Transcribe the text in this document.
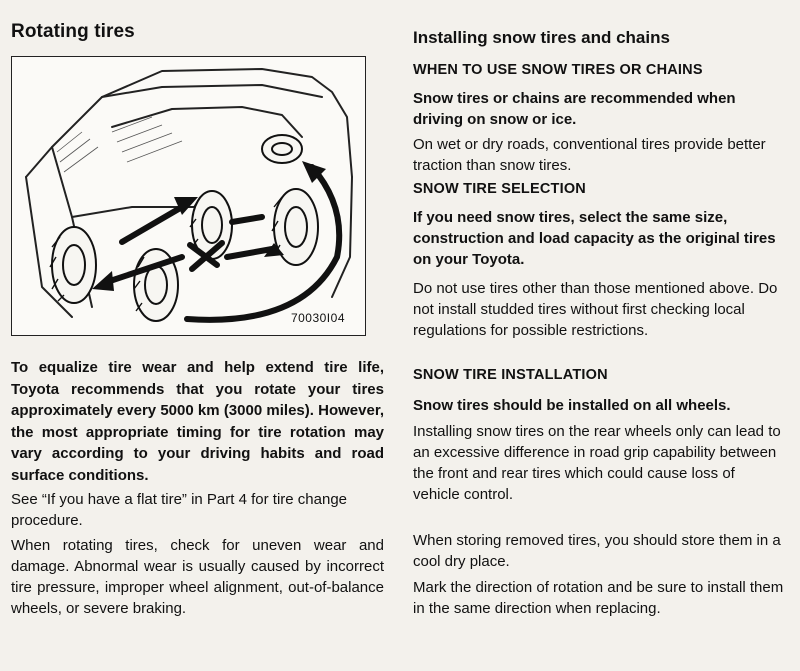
Rotating tires
70030I04

To equalize tire wear and help extend tire life, Toyota recommends that you rotate your tires approximately every 5000 km (3000 miles). However, the most appropriate timing for tire rotation may vary according to your driving habits and road surface conditions.

See “If you have a flat tire” in Part 4 for tire change procedure.

When rotating tires, check for uneven wear and damage. Abnormal wear is usually caused by incorrect tire pressure, improper wheel alignment, out-of-balance wheels, or severe braking.

Installing snow tires and chains
WHEN TO USE SNOW TIRES OR CHAINS

Snow tires or chains are recommended when driving on snow or ice.

On wet or dry roads, conventional tires provide better traction than snow tires.

SNOW TIRE SELECTION

If you need snow tires, select the same size, construction and load capacity as the original tires on your Toyota.

Do not use tires other than those mentioned above. Do not install studded tires without first checking local regulations for possible restrictions.

SNOW TIRE INSTALLATION

Snow tires should be installed on all wheels.

Installing snow tires on the rear wheels only can lead to an excessive difference in road grip capability between the front and rear tires which could cause loss of vehicle control.

When storing removed tires, you should store them in a cool dry place.

Mark the direction of rotation and be sure to install them in the same direction when replacing.
